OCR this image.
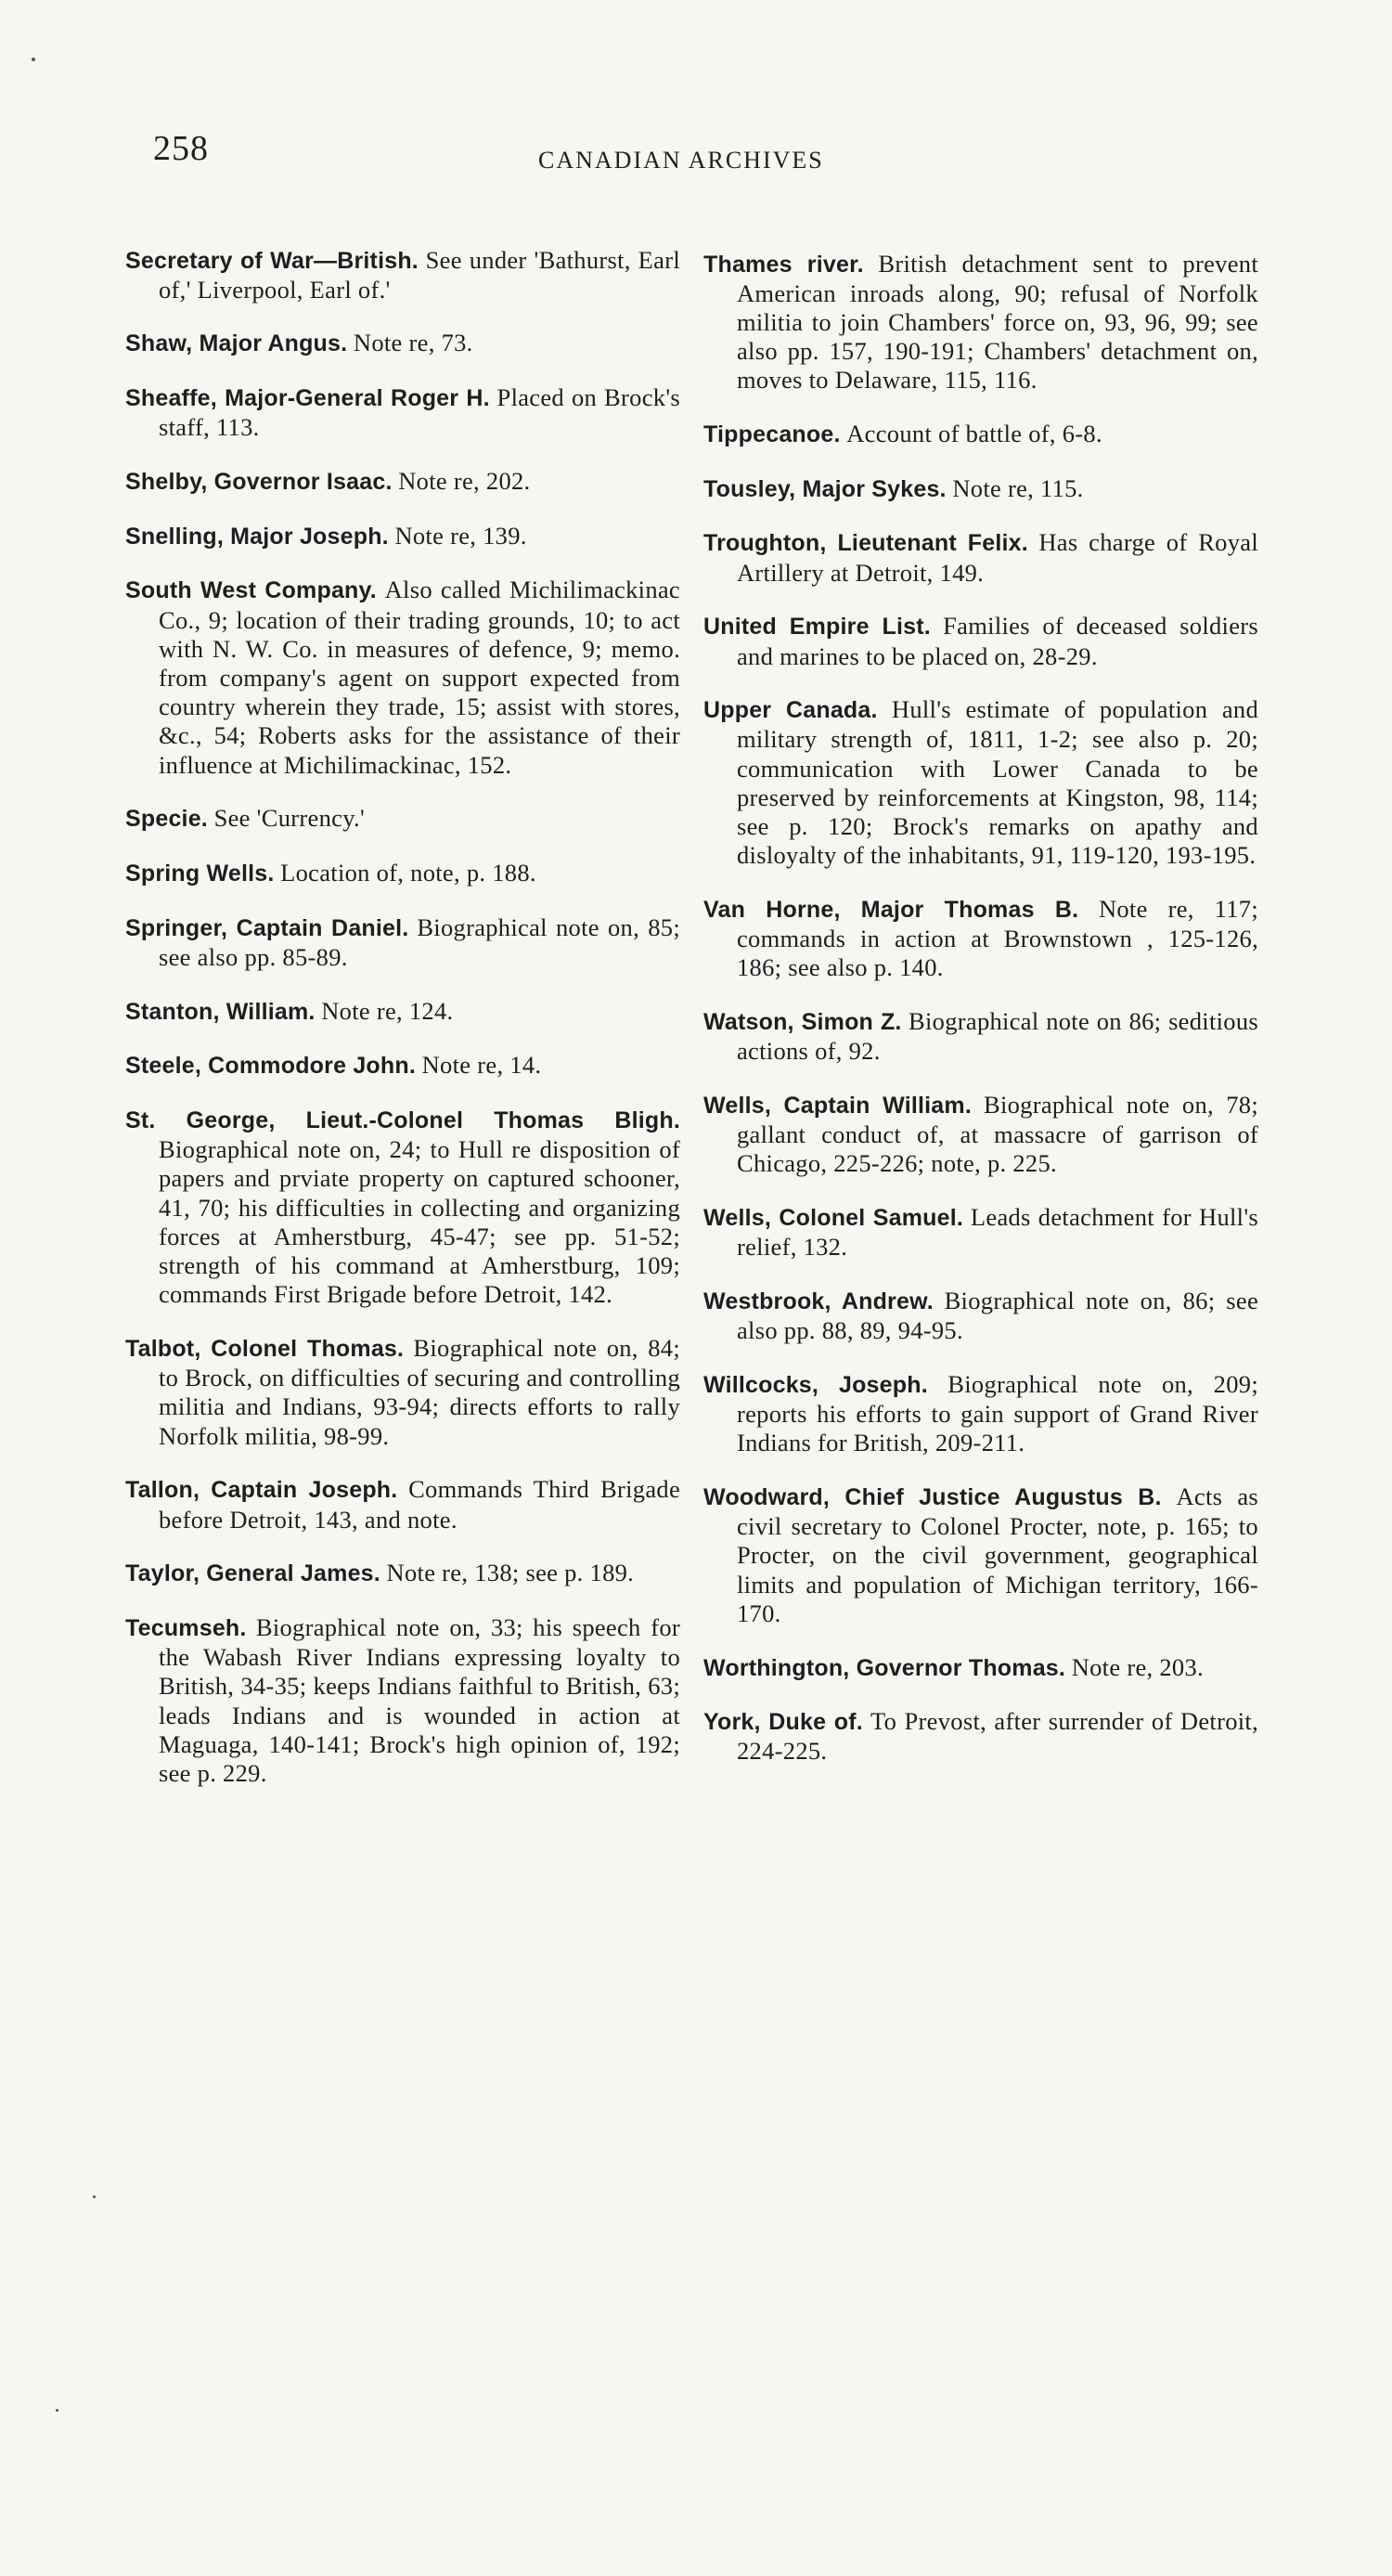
258	CANADIAN ARCHIVES

Secretary of War—British. See under 'Bathurst, Earl of,' Liverpool, Earl of.'

Shaw, Major Angus. Note re, 73.

Sheaffe, Major-General Roger H. Placed on Brock's staff, 113.

Shelby, Governor Isaac. Note re, 202.

Snelling, Major Joseph. Note re, 139.

South West Company. Also called Michilimackinac Co., 9; location of their trading grounds, 10; to act with N. W. Co. in measures of defence, 9; memo. from company's agent on support expected from country wherein they trade, 15; assist with stores, &c., 54; Roberts asks for the assistance of their influence at Michilimackinac, 152.

Specie. See 'Currency.'

Spring Wells. Location of, note, p. 188.

Springer, Captain Daniel. Biographical note on, 85; see also pp. 85-89.

Stanton, William. Note re, 124.

Steele, Commodore John. Note re, 14.

St. George, Lieut.-Colonel Thomas Bligh. Biographical note on, 24; to Hull re disposition of papers and prviate property on captured schooner, 41, 70; his difficulties in collecting and organizing forces at Amherstburg, 45-47; see pp. 51-52; strength of his command at Amherstburg, 109; commands First Brigade before Detroit, 142.

Talbot, Colonel Thomas. Biographical note on, 84; to Brock, on difficulties of securing and controlling militia and Indians, 93-94; directs efforts to rally Norfolk militia, 98-99.

Tallon, Captain Joseph. Commands Third Brigade before Detroit, 143, and note.

Taylor, General James. Note re, 138; see p. 189.

Tecumseh. Biographical note on, 33; his speech for the Wabash River Indians expressing loyalty to British, 34-35; keeps Indians faithful to British, 63; leads Indians and is wounded in action at Maguaga, 140-141; Brock's high opinion of, 192; see p. 229.

Thames river. British detachment sent to prevent American inroads along, 90; refusal of Norfolk militia to join Chambers' force on, 93, 96, 99; see also pp. 157, 190-191; Chambers' detachment on, moves to Delaware, 115, 116.

Tippecanoe. Account of battle of, 6-8.

Tousley, Major Sykes. Note re, 115.

Troughton, Lieutenant Felix. Has charge of Royal Artillery at Detroit, 149.

United Empire List. Families of deceased soldiers and marines to be placed on, 28-29.

Upper Canada. Hull's estimate of population and military strength of, 1811, 1-2; see also p. 20; communication with Lower Canada to be preserved by reinforcements at Kingston, 98, 114; see p. 120; Brock's remarks on apathy and disloyalty of the inhabitants, 91, 119-120, 193-195.

Van Horne, Major Thomas B. Note re, 117; commands in action at Brownstown , 125-126, 186; see also p. 140.

Watson, Simon Z. Biographical note on 86; seditious actions of, 92.

Wells, Captain William. Biographical note on, 78; gallant conduct of, at massacre of garrison of Chicago, 225-226; note, p. 225.

Wells, Colonel Samuel. Leads detachment for Hull's relief, 132.

Westbrook, Andrew. Biographical note on, 86; see also pp. 88, 89, 94-95.

Willcocks, Joseph. Biographical note on, 209; reports his efforts to gain support of Grand River Indians for British, 209-211.

Woodward, Chief Justice Augustus B. Acts as civil secretary to Colonel Procter, note, p. 165; to Procter, on the civil government, geographical limits and population of Michigan territory, 166-170.

Worthington, Governor Thomas. Note re, 203.

York, Duke of. To Prevost, after surrender of Detroit, 224-225.
